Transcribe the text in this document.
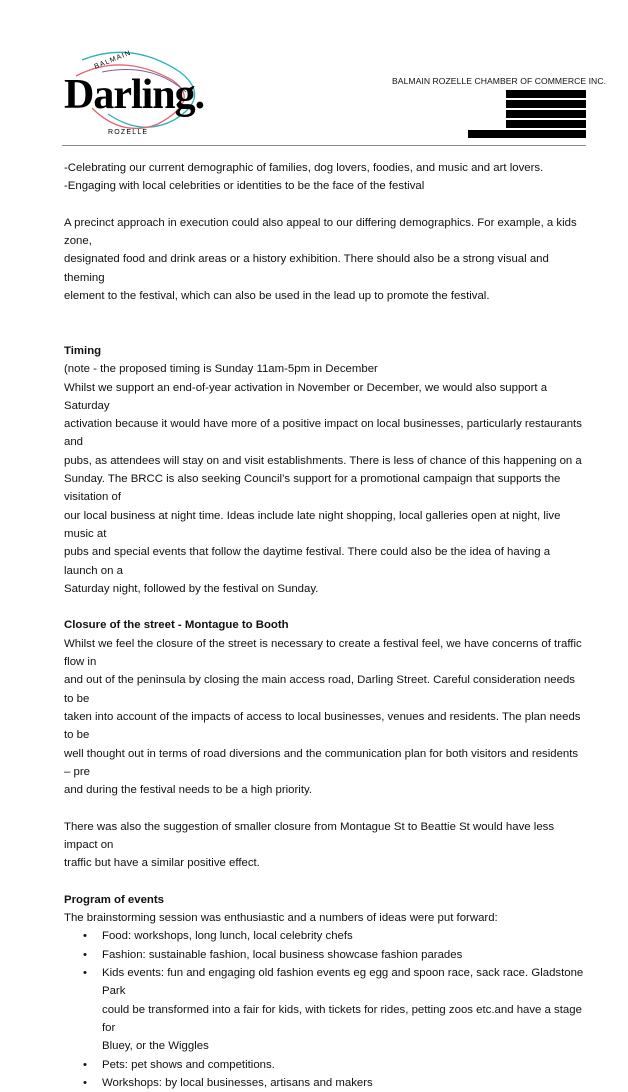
BALMAIN
Darling.
ROZELLE
BALMAIN ROZELLE CHAMBER OF COMMERCE INC.

-Celebrating our current demographic of families, dog lovers, foodies, and music and art lovers.

-Engaging with local celebrities or identities to be the face of the festival

A precinct approach in execution could also appeal to our differing demographics. For example, a kids zone,

designated food and drink areas or a history exhibition. There should also be a strong visual and theming

element to the festival, which can also be used in the lead up to promote the festival.

Timing

(note - the proposed timing is Sunday 11am-5pm in December

Whilst we support an end-of-year activation in November or December, we would also support a Saturday

activation because it would have more of a positive impact on local businesses, particularly restaurants and

pubs, as attendees will stay on and visit establishments. There is less of chance of this happening on a

Sunday. The BRCC is also seeking Council’s support for a promotional campaign that supports the visitation of

our local business at night time. Ideas include late night shopping, local galleries open at night, live music at

pubs and special events that follow the daytime festival. There could also be the idea of having a launch on a

Saturday night, followed by the festival on Sunday.

Closure of the street - Montague to Booth

Whilst we feel the closure of the street is necessary to create a festival feel, we have concerns of traffic flow in

and out of the peninsula by closing the main access road, Darling Street. Careful consideration needs to be

taken into account of the impacts of access to local businesses, venues and residents. The plan needs to be

well thought out in terms of road diversions and the communication plan for both visitors and residents – pre

and during the festival needs to be a high priority.

There was also the suggestion of smaller closure from Montague St to Beattie St would have less impact on

traffic but have a similar positive effect.

Program of events

The brainstorming session was enthusiastic and a numbers of ideas were put forward:

• Food: workshops, long lunch, local celebrity chefs
• Fashion: sustainable fashion, local business showcase fashion parades

• Kids events: fun and engaging old fashion events eg egg and spoon race, sack race. Gladstone Park

could be transformed into a fair for kids, with tickets for rides, petting zoos etc.and have a stage for

Bluey, or the Wiggles

• Pets: pet shows and competitions.
• Workshops: by local businesses, artisans and makers
